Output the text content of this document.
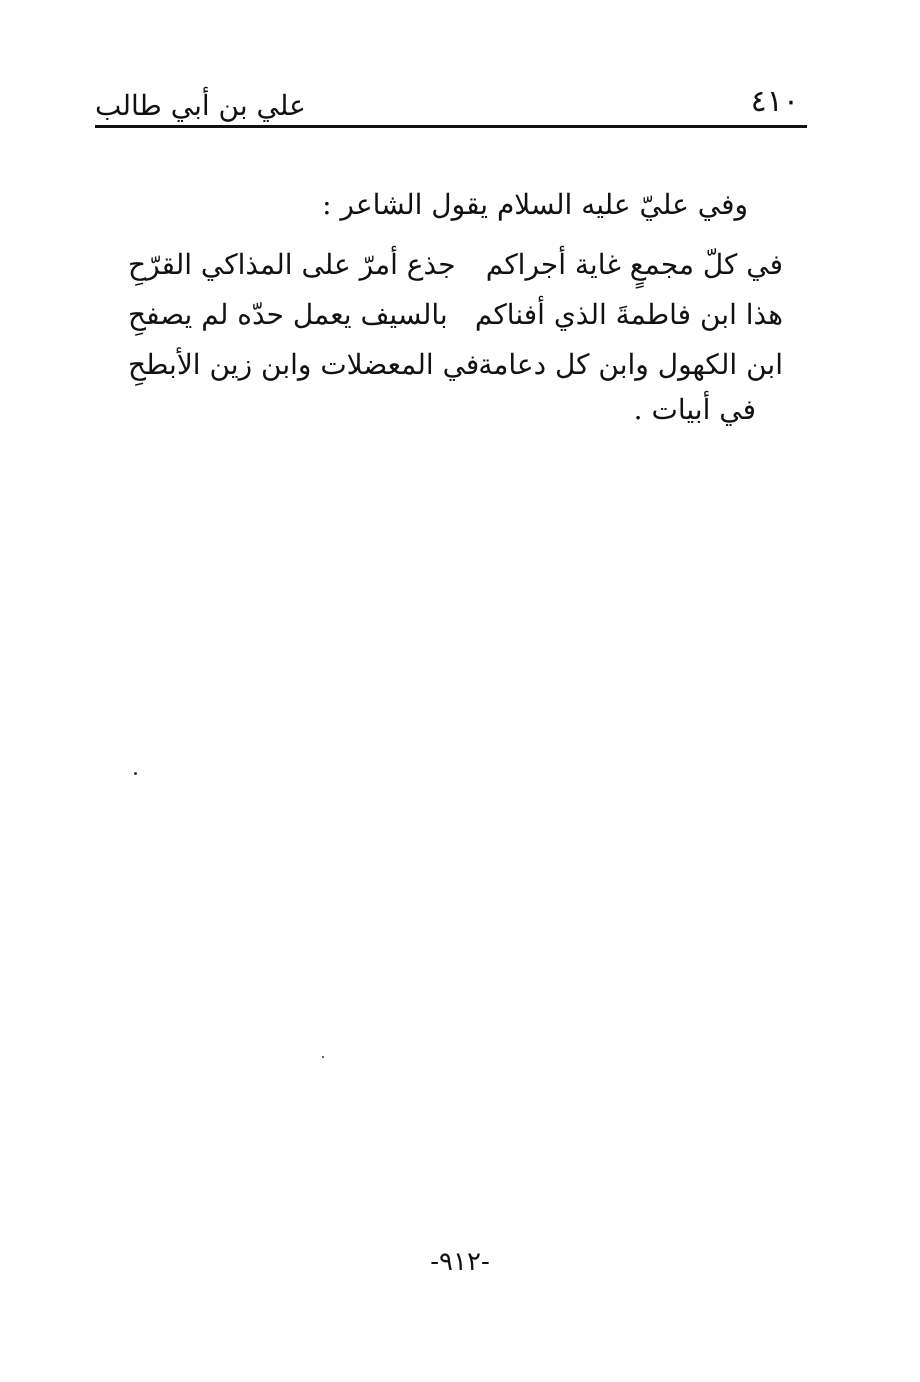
٤١٠
علي بن أبي طالب
وفي عليّ عليه السلام يقول الشاعر :
في كلّ مجمعٍ غاية أجراكم
جذع أمرّ على المذاكي القرّحِ
هذا ابن فاطمةَ الذي أفناكم
بالسيف يعمل حدّه لم يصفحِ
ابن الكهول وابن كل دعامة
في المعضلات وابن زين الأبطحِ
في أبيات .
-٩١٢-
